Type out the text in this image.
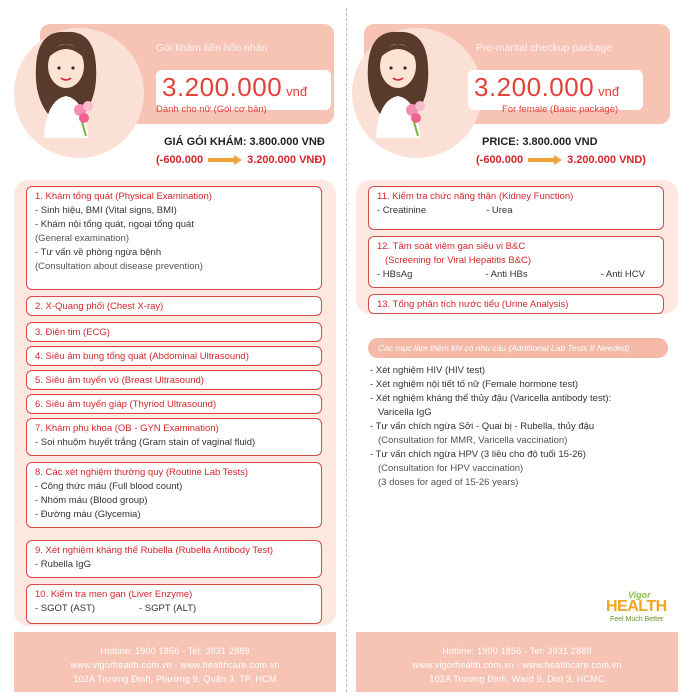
Gói khám tiền hôn nhân
3.200.000 vnđ
Dành cho nữ (Gói cơ bản)
GIÁ GÓI KHÁM: 3.800.000 VNĐ
(-600.000	3.200.000 VNĐ)
1. Khám tổng quát (Physical Examination)
- Sinh hiệu, BMI (Vital signs, BMI)
- Khám nội tổng quát, ngoại tổng quát
(General examination)
- Tư vấn về phòng ngừa bệnh
(Consultation about disease prevention)
2. X-Quang phổi (Chest X-ray)
3. Điện tim (ECG)
4. Siêu âm bụng tổng quát (Abdominal Ultrasound)
5. Siêu âm tuyến vú (Breast Ultrasound)
6. Siêu âm tuyến giáp (Thyriod Ultrasound)
7. Khám phụ khoa (OB - GYN Examination)
- Soi nhuộm huyết trắng (Gram stain of vaginal fluid)
8. Các xét nghiệm thường quy (Routine Lab Tests)
- Công thức máu (Full blood count)
- Nhóm máu (Blood group)
- Đường máu (Glycemia)
9. Xét nghiệm kháng thể Rubella (Rubella Antibody Test)
- Rubella IgG
10. Kiểm tra men gan (Liver Enzyme)
- SGOT (AST)	- SGPT (ALT)
Hotline: 1900 1856 - Tel: 3931 2889
www.vigorhealth.com.vn - www.healthcare.com.vn
102A Trương Định, Phường 9, Quận 3, TP. HCM
Pre-marital checkup package
3.200.000 vnđ
For female (Basic package)
PRICE: 3.800.000 VND
(-600.000	3.200.000 VND)
11. Kiểm tra chức năng thận (Kidney Function)
- Creatinine	- Urea
12. Tầm soát viêm gan siêu vi B&C
(Screening for Viral Hepatitis B&C)
- HBsAg	- Anti HBs	- Anti HCV
13. Tổng phân tích nước tiểu (Urine Analysis)
Các mục làm thêm khi có nhu cầu (Additional Lab Tests If Needed)
- Xét nghiệm HIV (HIV test)
- Xét nghiệm nội tiết tố nữ (Female hormone test)
- Xét nghiệm kháng thể thủy đậu (Varicella antibody test):
Varicella IgG
- Tư vấn chích ngừa Sởi - Quai bị - Rubella, thủy đậu
(Consultation for MMR, Varicella vaccination)
- Tư vấn chích ngừa HPV (3 liều cho độ tuổi 15-26)
(Consultation for HPV vaccination)
(3 doses for aged of 15-26 years)
Vigor
HEALTH
Feel Much Better
Hotline: 1900 1856 - Tel: 3931 2889
www.vigorhealth.com.vn - www.healthcare.com.vn
102A Trương Định, Ward 9, Dist 3, HCMC
